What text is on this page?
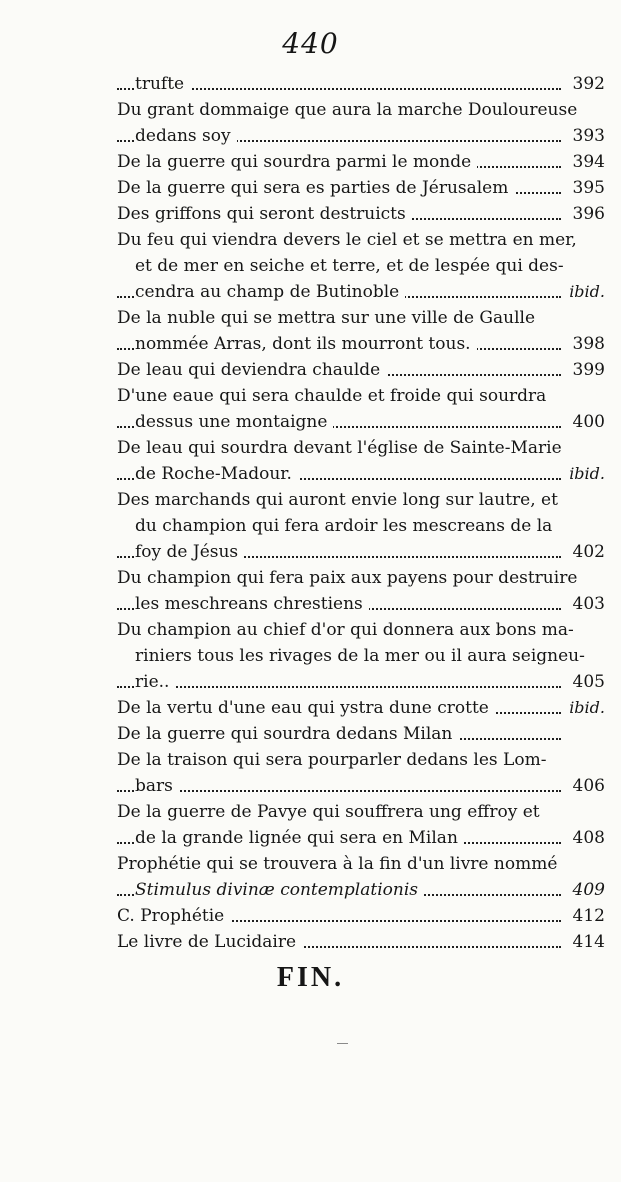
440
trufte	392
Du grant dommaige que aura la marche Douloureuse
dedans soy	393
De la guerre qui sourdra parmi le monde	394
De la guerre qui sera es parties de Jérusalem	395
Des griffons qui seront destruicts	396
Du feu qui viendra devers le ciel et se mettra en mer,
et de mer en seiche et terre, et de lespée qui des-
cendra au champ de Butinoble	ibid.
De la nuble qui se mettra sur une ville de Gaulle
nommée Arras, dont ils mourront tous.	398
De leau qui deviendra chaulde	399
D'une eaue qui sera chaulde et froide qui sourdra
dessus une montaigne	400
De leau qui sourdra devant l'église de Sainte-Marie
de Roche-Madour.	ibid.
Des marchands qui auront envie long sur lautre, et
du champion qui fera ardoir les mescreans de la
foy de Jésus	402
Du champion qui fera paix aux payens pour destruire
les meschreans chrestiens	403
Du champion au chief d'or qui donnera aux bons ma-
riniers tous les rivages de la mer ou il aura seigneu-
rie..	405
De la vertu d'une eau qui ystra dune crotte	ibid.
De la guerre qui sourdra dedans Milan
De la traison qui sera pourparler dedans les Lom-
bars	406
De la guerre de Pavye qui souffrera ung effroy et
de la grande lignée qui sera en Milan	408
Prophétie qui se trouvera à la fin d'un livre nommé
Stimulus divinæ contemplationis	409
C. Prophétie	412
Le livre de Lucidaire	414
FIN.
